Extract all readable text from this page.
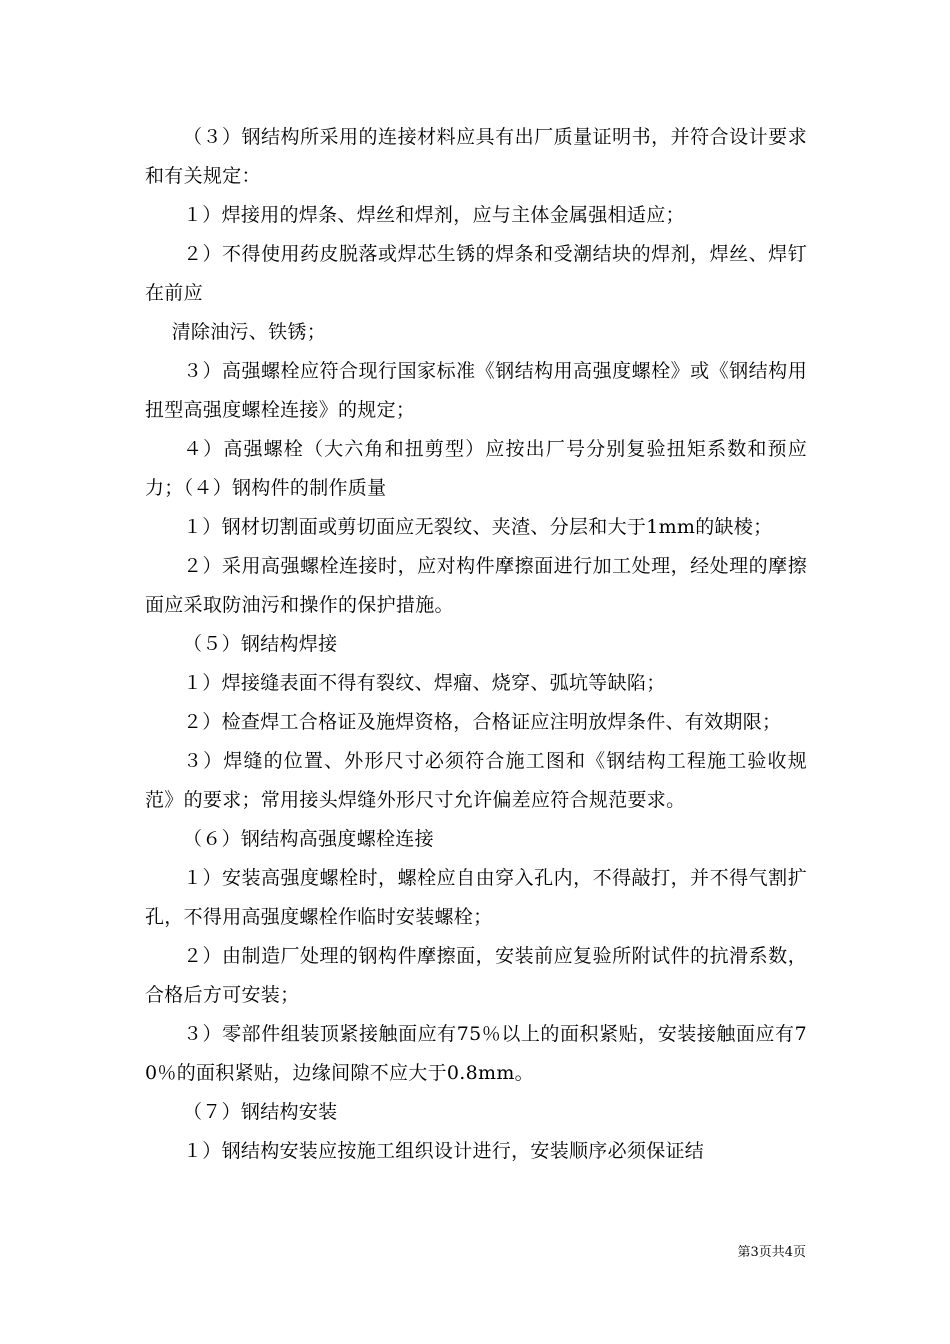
（３）钢结构所采用的连接材料应具有出厂质量证明书，并符合设计要求和有关规定：

１）焊接用的焊条、焊丝和焊剂，应与主体金属强相适应；

２）不得使用药皮脱落或焊芯生锈的焊条和受潮结块的焊剂，焊丝、焊钉在前应

清除油污、铁锈；

３）高强螺栓应符合现行国家标准《钢结构用高强度螺栓》或《钢结构用扭型高强度螺栓连接》的规定；

４）高强螺栓（大六角和扭剪型）应按出厂号分别复验扭矩系数和预应力；（４）钢构件的制作质量

１）钢材切割面或剪切面应无裂纹、夹渣、分层和大于1mm的缺棱；

２）采用高强螺栓连接时，应对构件摩擦面进行加工处理，经处理的摩擦面应采取防油污和操作的保护措施。

（５）钢结构焊接

１）焊接缝表面不得有裂纹、焊瘤、烧穿、弧坑等缺陷；

２）检查焊工合格证及施焊资格，合格证应注明放焊条件、有效期限；

３）焊缝的位置、外形尺寸必须符合施工图和《钢结构工程施工验收规范》的要求；常用接头焊缝外形尺寸允许偏差应符合规范要求。

（６）钢结构高强度螺栓连接

１）安装高强度螺栓时，螺栓应自由穿入孔内，不得敲打，并不得气割扩孔，不得用高强度螺栓作临时安装螺栓；

２）由制造厂处理的钢构件摩擦面，安装前应复验所附试件的抗滑系数，合格后方可安装；

３）零部件组装顶紧接触面应有75％以上的面积紧贴，安装接触面应有70％的面积紧贴，边缘间隙不应大于0.8mm。

（７）钢结构安装

１）钢结构安装应按施工组织设计进行，安装顺序必须保证结

第3页共4页
